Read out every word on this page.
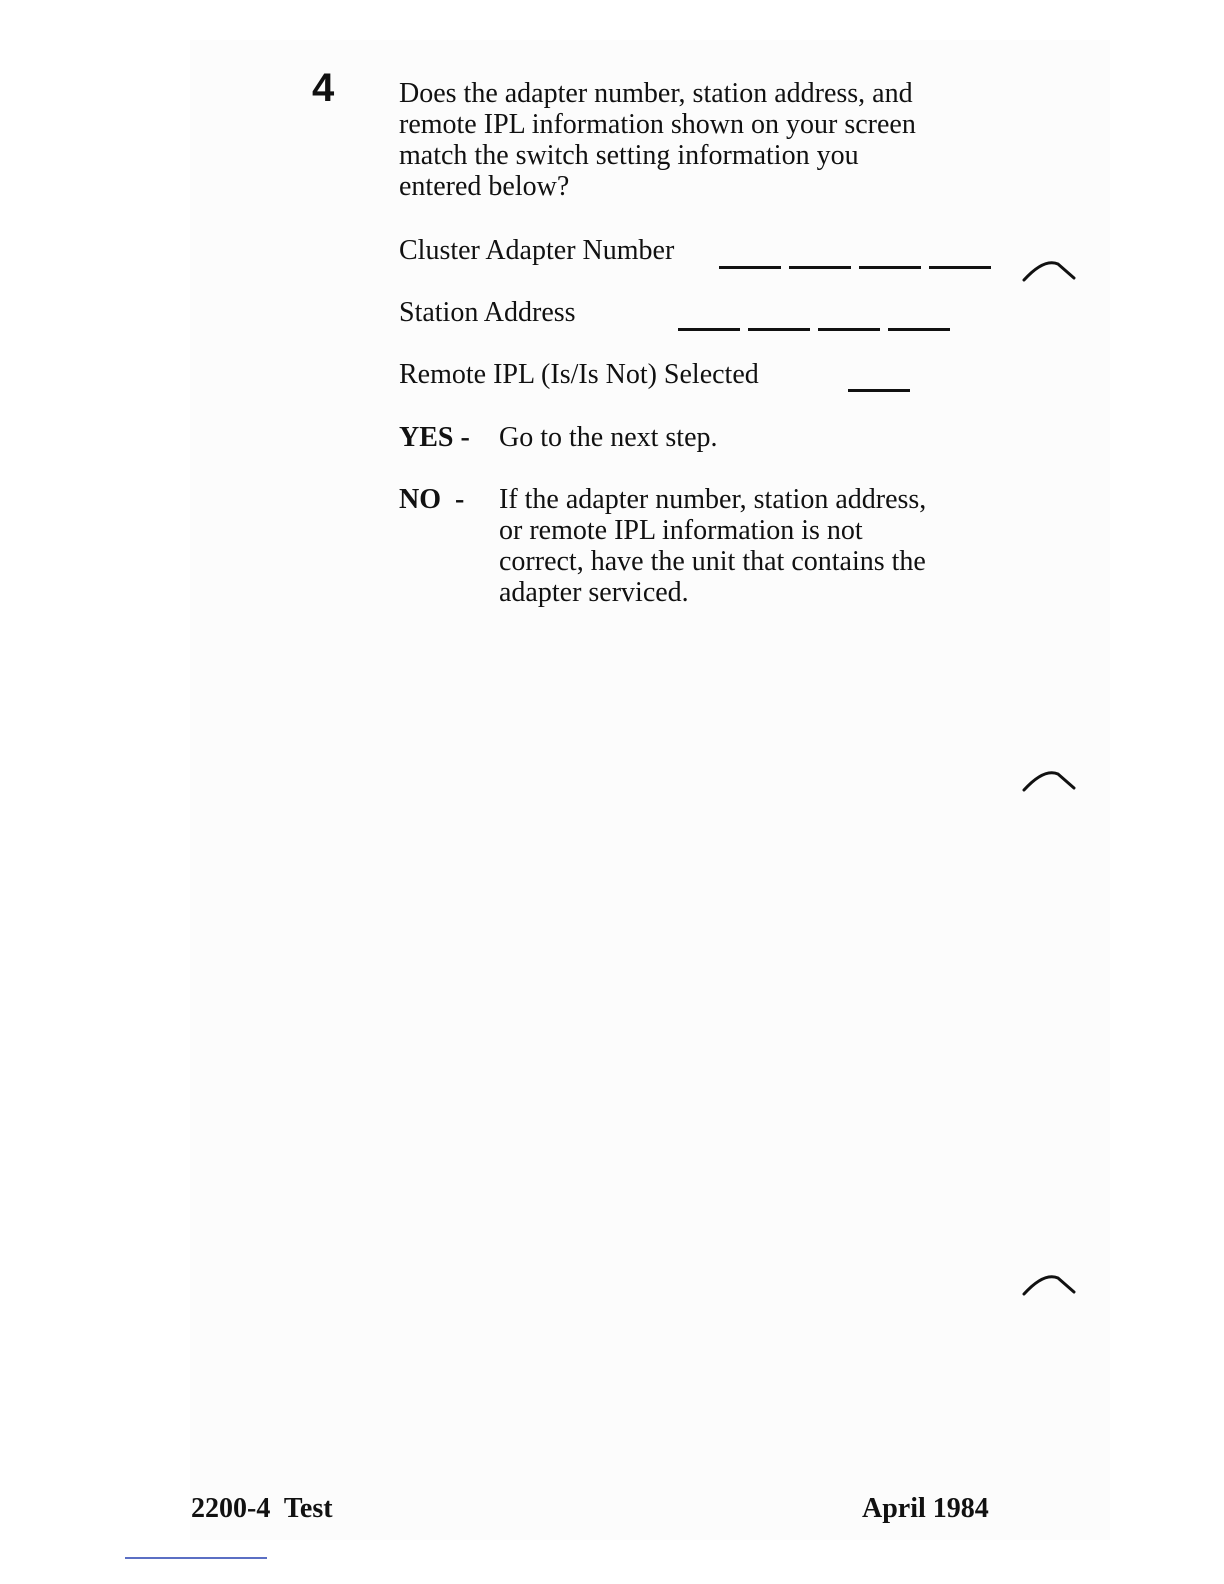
4 Does the adapter number, station address, and
remote IPL information shown on your screen
match the switch setting information you
entered below?
Cluster Adapter Number
Station Address
Remote IPL (Is/Is Not) Selected
YES - Go to the next step.
NO  - If the adapter number, station address,
or remote IPL information is not
correct, have the unit that contains the
adapter serviced.
2200-4  Test	April 1984
